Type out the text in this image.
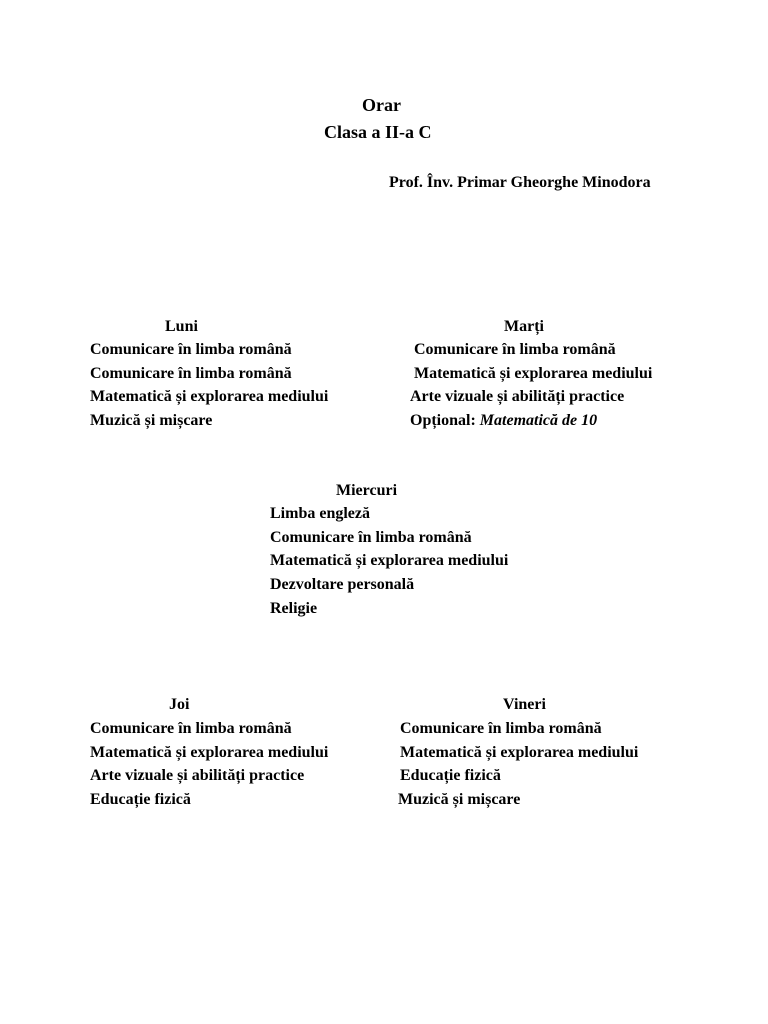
Orar
Clasa a II-a C
Prof. Înv. Primar Gheorghe Minodora
Luni
Comunicare în limba română
Comunicare în limba română
Matematică și explorarea mediului
Muzică și mișcare
Marți
Comunicare în limba română
Matematică și explorarea mediului
Arte vizuale și abilități practice
Opțional: Matematică de 10
Miercuri
Limba engleză
Comunicare în limba română
Matematică și explorarea mediului
Dezvoltare personală
Religie
Joi
Comunicare în limba română
Matematică și explorarea mediului
Arte vizuale și abilități practice
Educație fizică
Vineri
Comunicare în limba română
Matematică și explorarea mediului
Educație fizică
Muzică și mișcare
